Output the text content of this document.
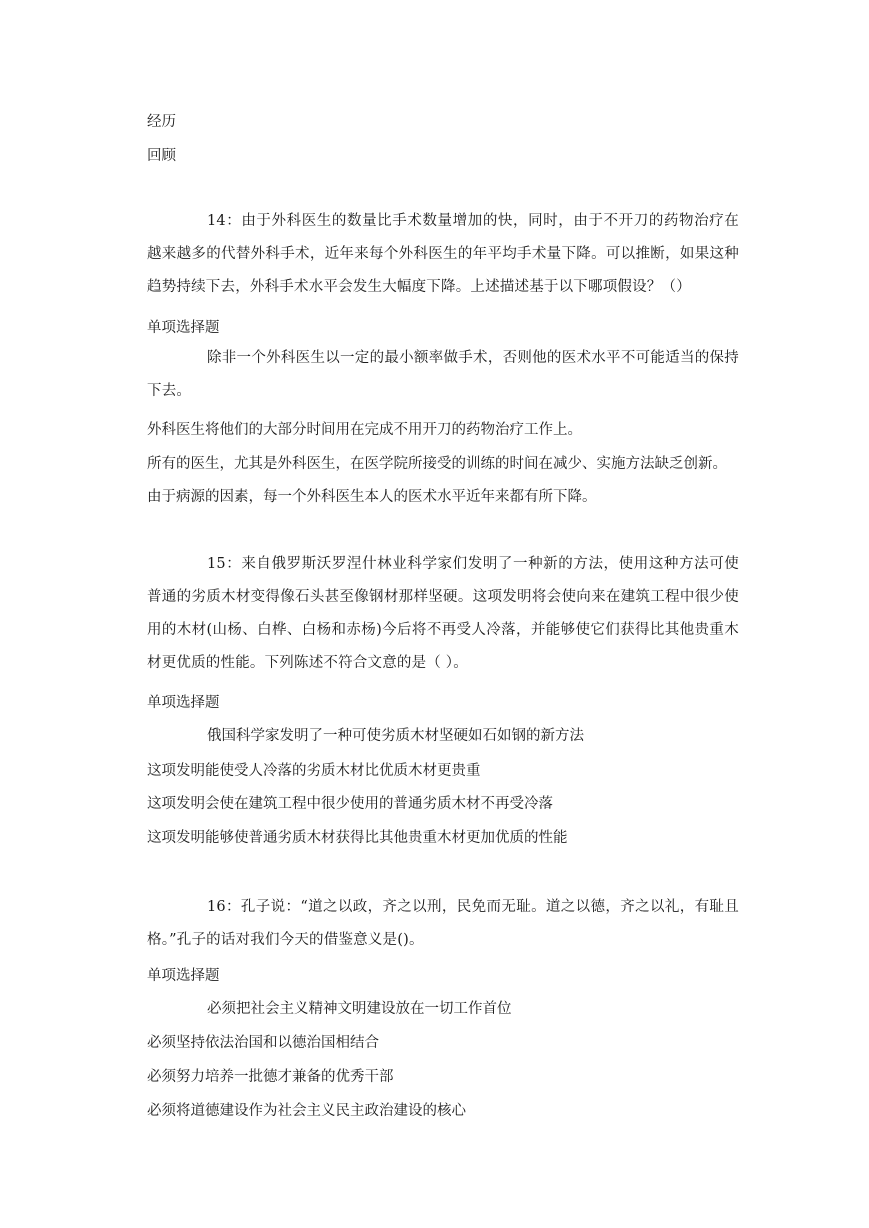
经历
回顾
14：由于外科医生的数量比手术数量增加的快，同时，由于不开刀的药物治疗在越来越多的代替外科手术，近年来每个外科医生的年平均手术量下降。可以推断，如果这种趋势持续下去，外科手术水平会发生大幅度下降。上述描述基于以下哪项假设？（）
单项选择题
除非一个外科医生以一定的最小额率做手术，否则他的医术水平不可能适当的保持下去。
外科医生将他们的大部分时间用在完成不用开刀的药物治疗工作上。
所有的医生，尤其是外科医生，在医学院所接受的训练的时间在减少、实施方法缺乏创新。
由于病源的因素，每一个外科医生本人的医术水平近年来都有所下降。
15：来自俄罗斯沃罗涅什林业科学家们发明了一种新的方法，使用这种方法可使普通的劣质木材变得像石头甚至像钢材那样坚硬。这项发明将会使向来在建筑工程中很少使用的木材(山杨、白桦、白杨和赤杨)今后将不再受人冷落，并能够使它们获得比其他贵重木材更优质的性能。下列陈述不符合文意的是（ ）。
单项选择题
俄国科学家发明了一种可使劣质木材坚硬如石如钢的新方法
这项发明能使受人冷落的劣质木材比优质木材更贵重
这项发明会使在建筑工程中很少使用的普通劣质木材不再受冷落
这项发明能够使普通劣质木材获得比其他贵重木材更加优质的性能
16：孔子说：“道之以政，齐之以刑，民免而无耻。道之以德，齐之以礼，有耻且格。”孔子的话对我们今天的借鉴意义是()。
单项选择题
必须把社会主义精神文明建设放在一切工作首位
必须坚持依法治国和以德治国相结合
必须努力培养一批德才兼备的优秀干部
必须将道德建设作为社会主义民主政治建设的核心
